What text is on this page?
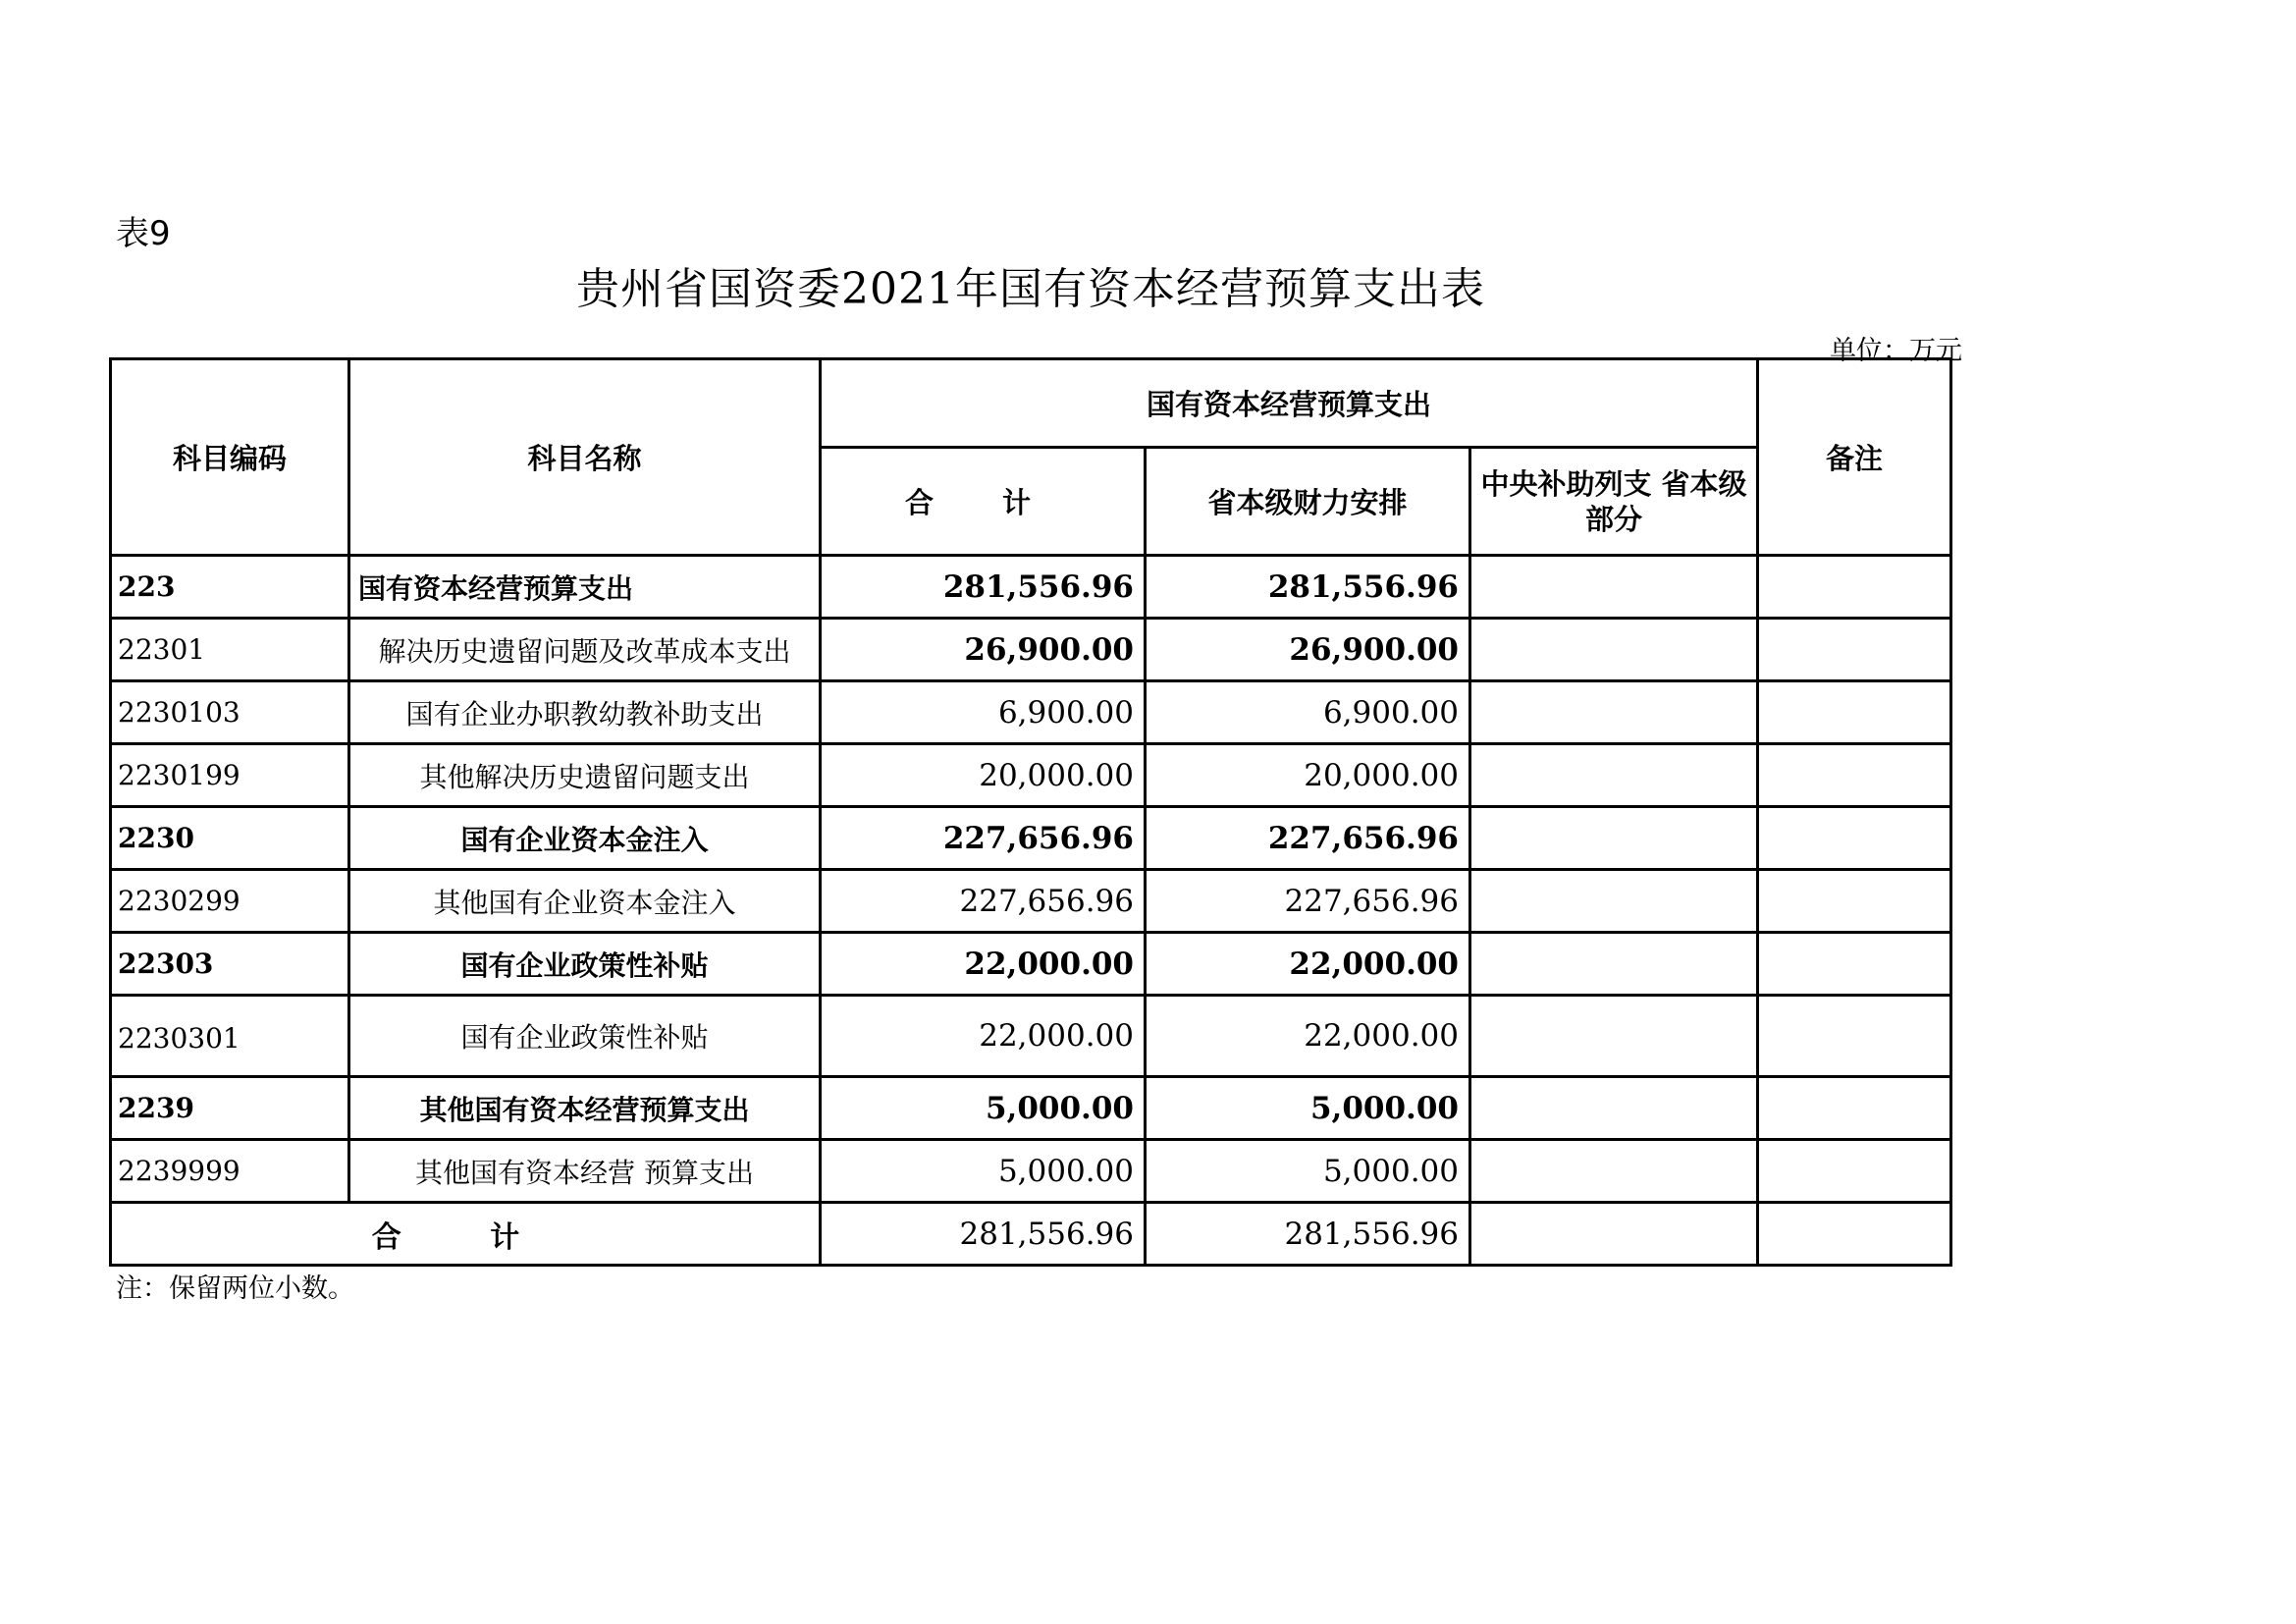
表9
贵州省国资委2021年国有资本经营预算支出表
单位：万元
科目编码	科目名称	国有资本经营预算支出			备注
		合 计	省本级财力安排	中央补助列支 省本级部分	
223	国有资本经营预算支出	281,556.96	281,556.96		
22301	解决历史遗留问题及改革成本支出	26,900.00	26,900.00		
2230103	国有企业办职教幼教补助支出	6,900.00	6,900.00		
2230199	其他解决历史遗留问题支出	20,000.00	20,000.00		
2230	国有企业资本金注入	227,656.96	227,656.96		
2230299	其他国有企业资本金注入	227,656.96	227,656.96		
22303	国有企业政策性补贴	22,000.00	22,000.00		
2230301	国有企业政策性补贴	22,000.00	22,000.00		
2239	其他国有资本经营预算支出	5,000.00	5,000.00		
2239999	其他国有资本经营 预算支出	5,000.00	5,000.00		
合 计		281,556.96	281,556.96		
注：保留两位小数。
